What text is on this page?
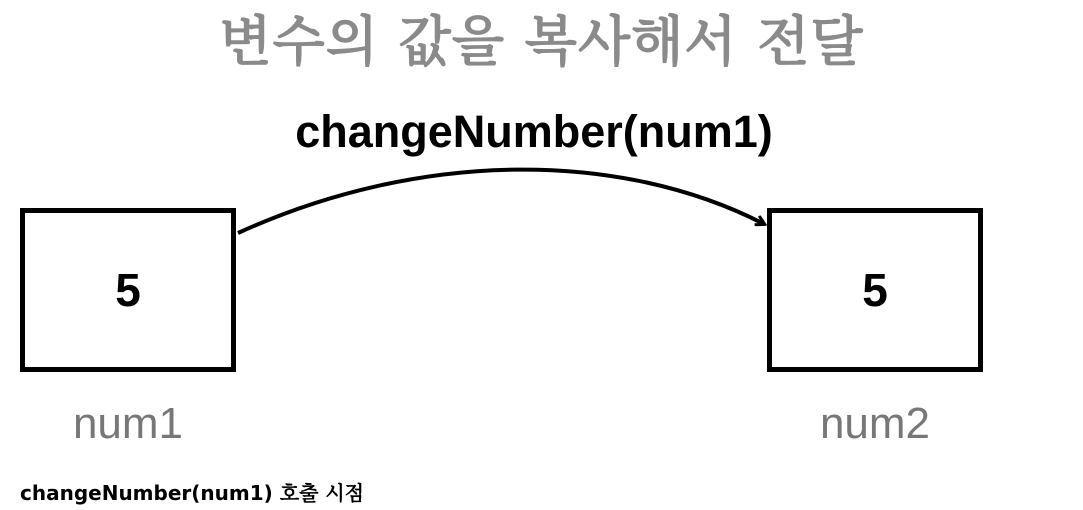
변수의 값을 복사해서 전달
changeNumber(num1)
5
num1
5
num2
changeNumber(num1) 호출 시점
